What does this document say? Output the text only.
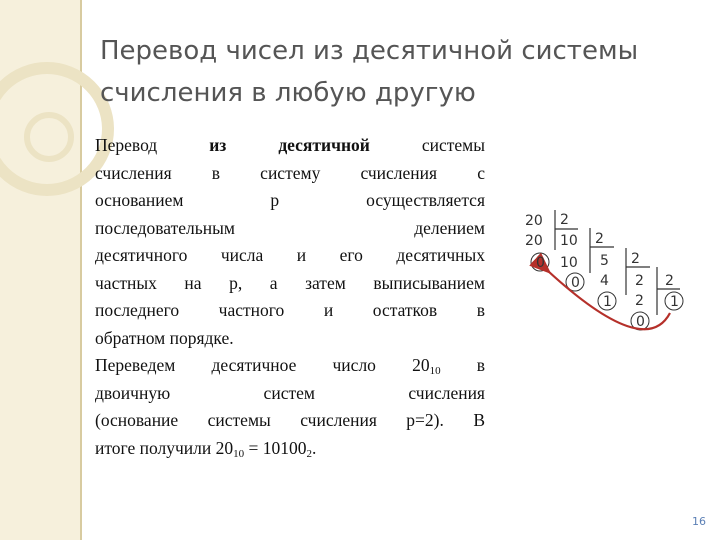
Перевод чисел из десятичной системы
счисления в любую другую
Перевод из десятичной системы
счисления в систему счисления с
основанием р осуществляется
последовательным делением
десятичного числа и его десятичных
частных на р, а затем выписыванием
последнего частного и остатков в
обратном порядке.
Переведем десятичное число $20_{10}$ в
двоичную систем счисления
(основание системы счисления р=2). В
итоге получили $20_{10} = 10100_2$.
20 2
20 10 2
0 10 5 2
0 4 2 2
1 2 1
0
16
